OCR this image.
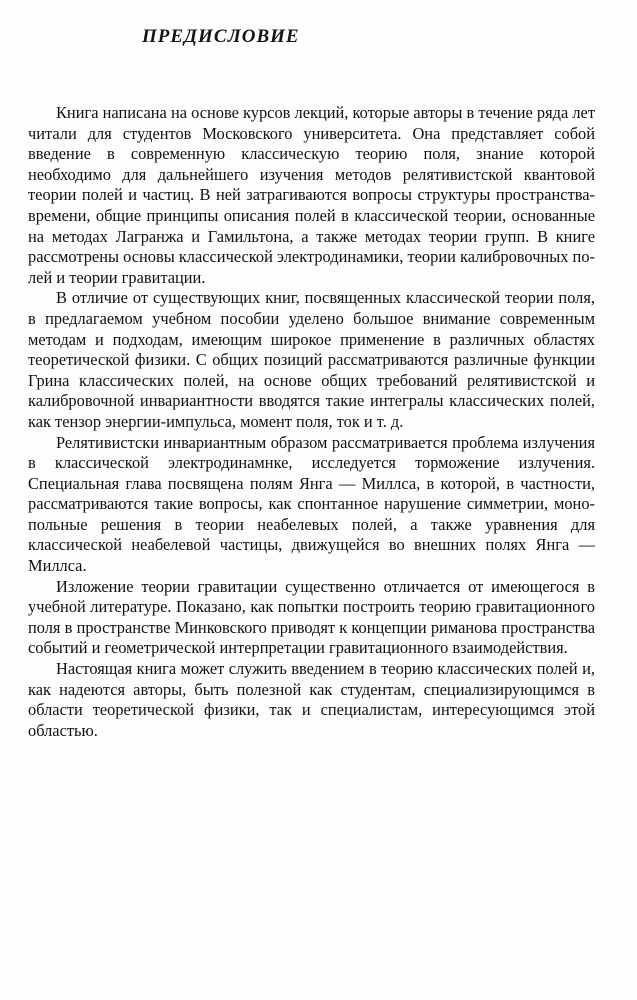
ПРЕДИСЛОВИЕ

Книга написана на основе курсов лекций, которые авторы в течение ряда лет читали для студентов Московского университета. Она представляет собой введение в современную классическую теорию поля, знание которой необходимо для дальнейшего изучения методов релятивистской квантовой теории полей и частиц. В ней затрагиваются вопросы структуры пространства-времени, общие принципы описания полей в классической теории, основанные на методах Лагранжа и Гамильтона, а также методах теории групп. В книге рассмотрены основы классической электродинамики, теории калибровочных полей и теории гравитации.

В отличие от существующих книг, посвященных классической теории поля, в предлагаемом учебном пособии уделено большое внимание современным методам и подходам, имеющим широкое применение в различных областях теоретической физики. С общих позиций рассматриваются различные функции Грина классических полей, на основе общих требований релятивистской и калибровочной инвариантности вводятся такие интегралы классических полей, как тензор энергии-импульса, момент поля, ток и т. д.

Релятивистски инвариантным образом рассматривается проблема излучения в классической электродинамнке, исследуется торможение излучения. Специальная глава посвящена полям Янга — Миллса, в которой, в частности, рассматриваются такие вопросы, как спонтанное нарушение симметрии, монопольные решения в теории неабелевых полей, а также уравнения для классической неабелевой частицы, движущейся во внешних полях Янга — Миллса.

Изложение теории гравитации существенно отличается от имеющегося в учебной литературе. Показано, как попытки построить теорию гравитационного поля в пространстве Минковского приводят к концепции риманова пространства событий и геометрической интерпретации гравитационного взаимодействия.

Настоящая книга может служить введением в теорию классических полей и, как надеются авторы, быть полезной как студентам, специализирующимся в области теоретической физики, так и специалистам, интересующимся этой областью.
